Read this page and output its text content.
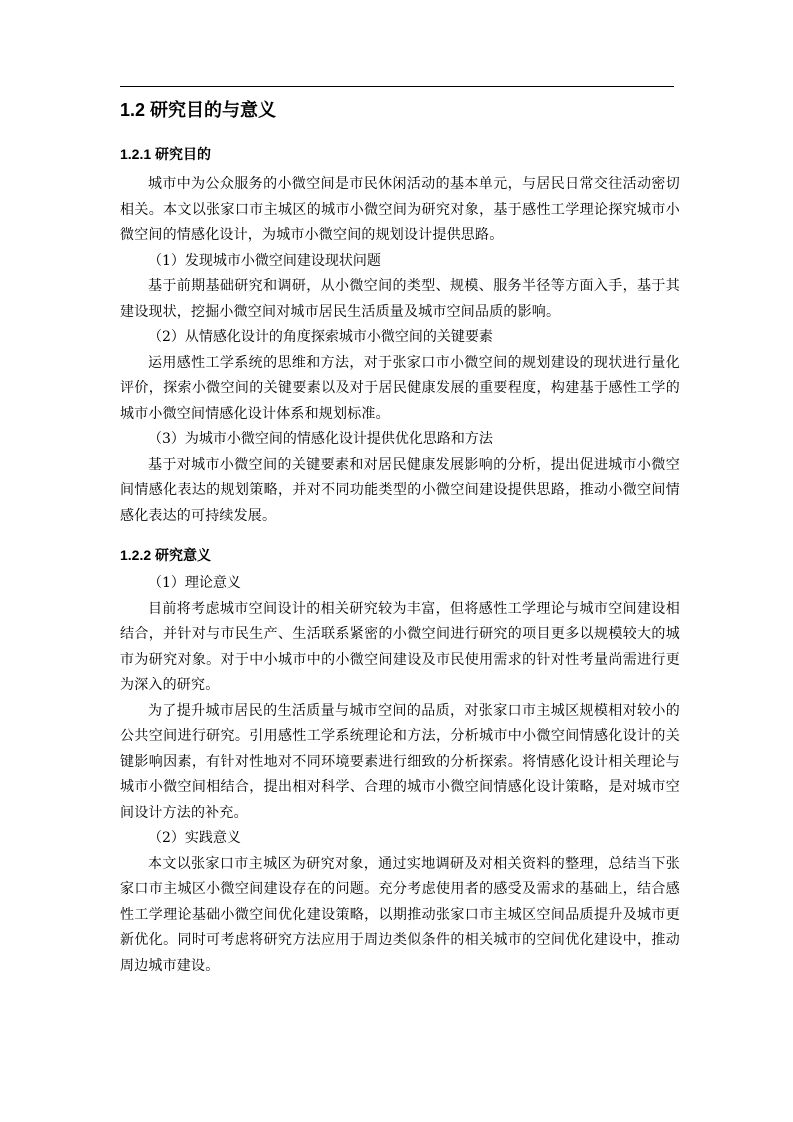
1.2 研究目的与意义
1.2.1 研究目的

城市中为公众服务的小微空间是市民休闲活动的基本单元，与居民日常交往活动密切相关。本文以张家口市主城区的城市小微空间为研究对象，基于感性工学理论探究城市小微空间的情感化设计，为城市小微空间的规划设计提供思路。

（1）发现城市小微空间建设现状问题

基于前期基础研究和调研，从小微空间的类型、规模、服务半径等方面入手，基于其建设现状，挖掘小微空间对城市居民生活质量及城市空间品质的影响。

（2）从情感化设计的角度探索城市小微空间的关键要素

运用感性工学系统的思维和方法，对于张家口市小微空间的规划建设的现状进行量化评价，探索小微空间的关键要素以及对于居民健康发展的重要程度，构建基于感性工学的城市小微空间情感化设计体系和规划标准。

（3）为城市小微空间的情感化设计提供优化思路和方法

基于对城市小微空间的关键要素和对居民健康发展影响的分析，提出促进城市小微空间情感化表达的规划策略，并对不同功能类型的小微空间建设提供思路，推动小微空间情感化表达的可持续发展。

1.2.2 研究意义

（1）理论意义

目前将考虑城市空间设计的相关研究较为丰富，但将感性工学理论与城市空间建设相结合，并针对与市民生产、生活联系紧密的小微空间进行研究的项目更多以规模较大的城市为研究对象。对于中小城市中的小微空间建设及市民使用需求的针对性考量尚需进行更为深入的研究。

为了提升城市居民的生活质量与城市空间的品质，对张家口市主城区规模相对较小的公共空间进行研究。引用感性工学系统理论和方法，分析城市中小微空间情感化设计的关键影响因素，有针对性地对不同环境要素进行细致的分析探索。将情感化设计相关理论与城市小微空间相结合，提出相对科学、合理的城市小微空间情感化设计策略，是对城市空间设计方法的补充。

（2）实践意义

本文以张家口市主城区为研究对象，通过实地调研及对相关资料的整理，总结当下张家口市主城区小微空间建设存在的问题。充分考虑使用者的感受及需求的基础上，结合感性工学理论基础小微空间优化建设策略，以期推动张家口市主城区空间品质提升及城市更新优化。同时可考虑将研究方法应用于周边类似条件的相关城市的空间优化建设中，推动周边城市建设。
